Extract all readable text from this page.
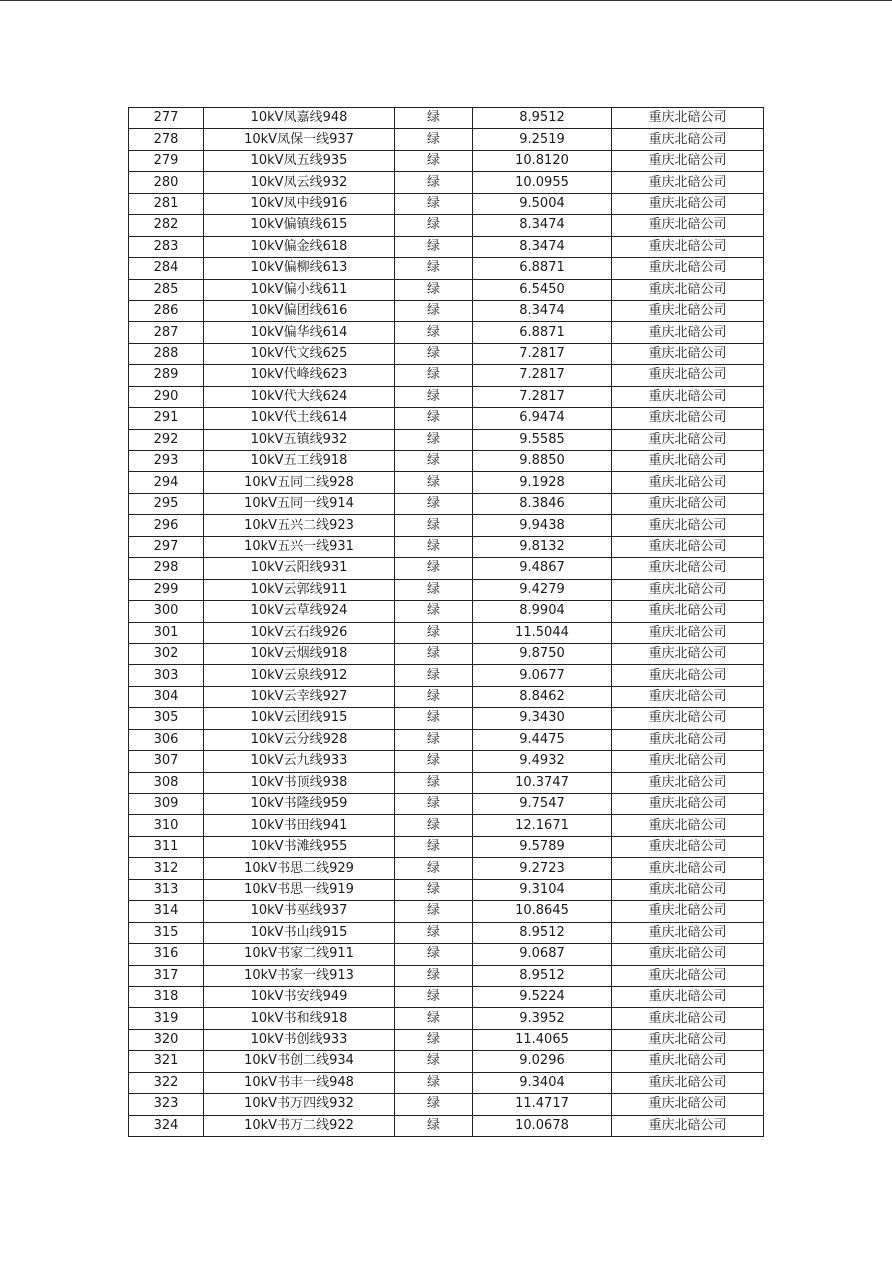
277	10kV凤嘉线948	绿	8.9512	重庆北碚公司
278	10kV凤保一线937	绿	9.2519	重庆北碚公司
279	10kV凤五线935	绿	10.8120	重庆北碚公司
280	10kV凤云线932	绿	10.0955	重庆北碚公司
281	10kV凤中线916	绿	9.5004	重庆北碚公司
282	10kV偏镇线615	绿	8.3474	重庆北碚公司
283	10kV偏金线618	绿	8.3474	重庆北碚公司
284	10kV偏柳线613	绿	6.8871	重庆北碚公司
285	10kV偏小线611	绿	6.5450	重庆北碚公司
286	10kV偏团线616	绿	8.3474	重庆北碚公司
287	10kV偏华线614	绿	6.8871	重庆北碚公司
288	10kV代文线625	绿	7.2817	重庆北碚公司
289	10kV代峰线623	绿	7.2817	重庆北碚公司
290	10kV代大线624	绿	7.2817	重庆北碚公司
291	10kV代土线614	绿	6.9474	重庆北碚公司
292	10kV五镇线932	绿	9.5585	重庆北碚公司
293	10kV五工线918	绿	9.8850	重庆北碚公司
294	10kV五同二线928	绿	9.1928	重庆北碚公司
295	10kV五同一线914	绿	8.3846	重庆北碚公司
296	10kV五兴二线923	绿	9.9438	重庆北碚公司
297	10kV五兴一线931	绿	9.8132	重庆北碚公司
298	10kV云阳线931	绿	9.4867	重庆北碚公司
299	10kV云郭线911	绿	9.4279	重庆北碚公司
300	10kV云草线924	绿	8.9904	重庆北碚公司
301	10kV云石线926	绿	11.5044	重庆北碚公司
302	10kV云烟线918	绿	9.8750	重庆北碚公司
303	10kV云泉线912	绿	9.0677	重庆北碚公司
304	10kV云幸线927	绿	8.8462	重庆北碚公司
305	10kV云团线915	绿	9.3430	重庆北碚公司
306	10kV云分线928	绿	9.4475	重庆北碚公司
307	10kV云九线933	绿	9.4932	重庆北碚公司
308	10kV书顶线938	绿	10.3747	重庆北碚公司
309	10kV书隆线959	绿	9.7547	重庆北碚公司
310	10kV书田线941	绿	12.1671	重庆北碚公司
311	10kV书滩线955	绿	9.5789	重庆北碚公司
312	10kV书思二线929	绿	9.2723	重庆北碚公司
313	10kV书思一线919	绿	9.3104	重庆北碚公司
314	10kV书巫线937	绿	10.8645	重庆北碚公司
315	10kV书山线915	绿	8.9512	重庆北碚公司
316	10kV书家二线911	绿	9.0687	重庆北碚公司
317	10kV书家一线913	绿	8.9512	重庆北碚公司
318	10kV书安线949	绿	9.5224	重庆北碚公司
319	10kV书和线918	绿	9.3952	重庆北碚公司
320	10kV书创线933	绿	11.4065	重庆北碚公司
321	10kV书创二线934	绿	9.0296	重庆北碚公司
322	10kV书丰一线948	绿	9.3404	重庆北碚公司
323	10kV书万四线932	绿	11.4717	重庆北碚公司
324	10kV书万二线922	绿	10.0678	重庆北碚公司
